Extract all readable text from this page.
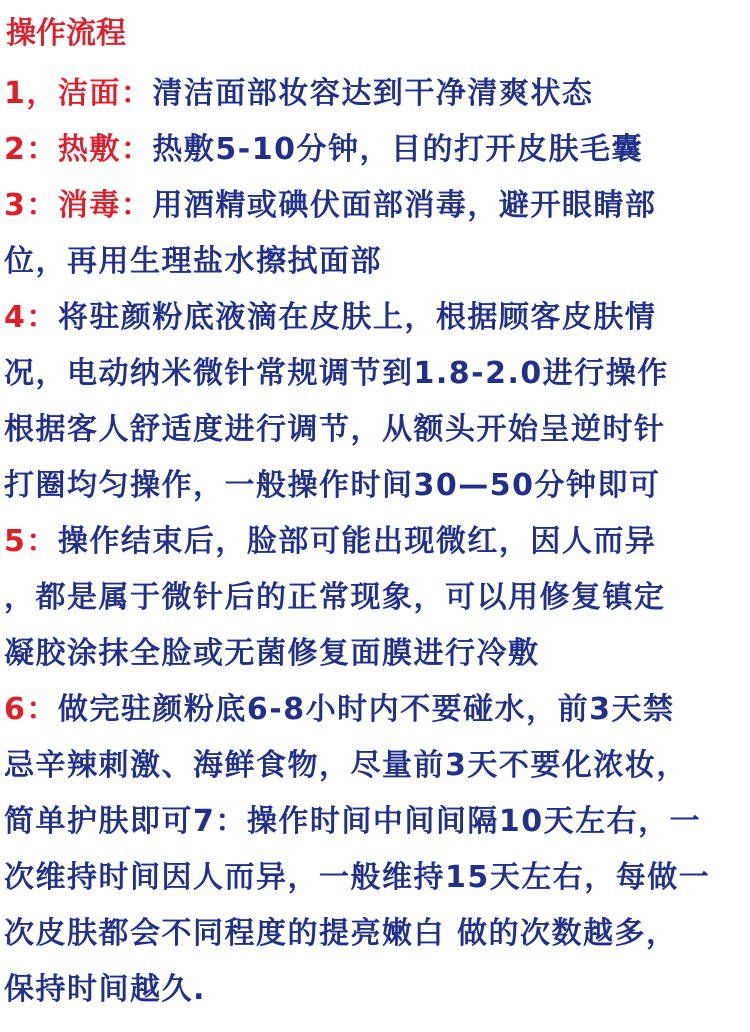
操作流程
1，洁面：清洁面部妆容达到干净清爽状态
2：热敷：热敷5-10分钟，目的打开皮肤毛囊
3：消毒：用酒精或碘伏面部消毒，避开眼睛部
位，再用生理盐水擦拭面部
4：将驻颜粉底液滴在皮肤上，根据顾客皮肤情
况，电动纳米微针常规调节到1.8-2.0进行操作
根据客人舒适度进行调节，从额头开始呈逆时针
打圈均匀操作，一般操作时间30—50分钟即可
5：操作结束后，脸部可能出现微红，因人而异
，都是属于微针后的正常现象，可以用修复镇定
凝胶涂抹全脸或无菌修复面膜进行冷敷
6：做完驻颜粉底6-8小时内不要碰水，前3天禁
忌辛辣刺激、海鲜食物，尽量前3天不要化浓妆，
简单护肤即可7：操作时间中间间隔10天左右，一
次维持时间因人而异，一般维持15天左右，每做一
次皮肤都会不同程度的提亮嫩白 做的次数越多，
保持时间越久.
